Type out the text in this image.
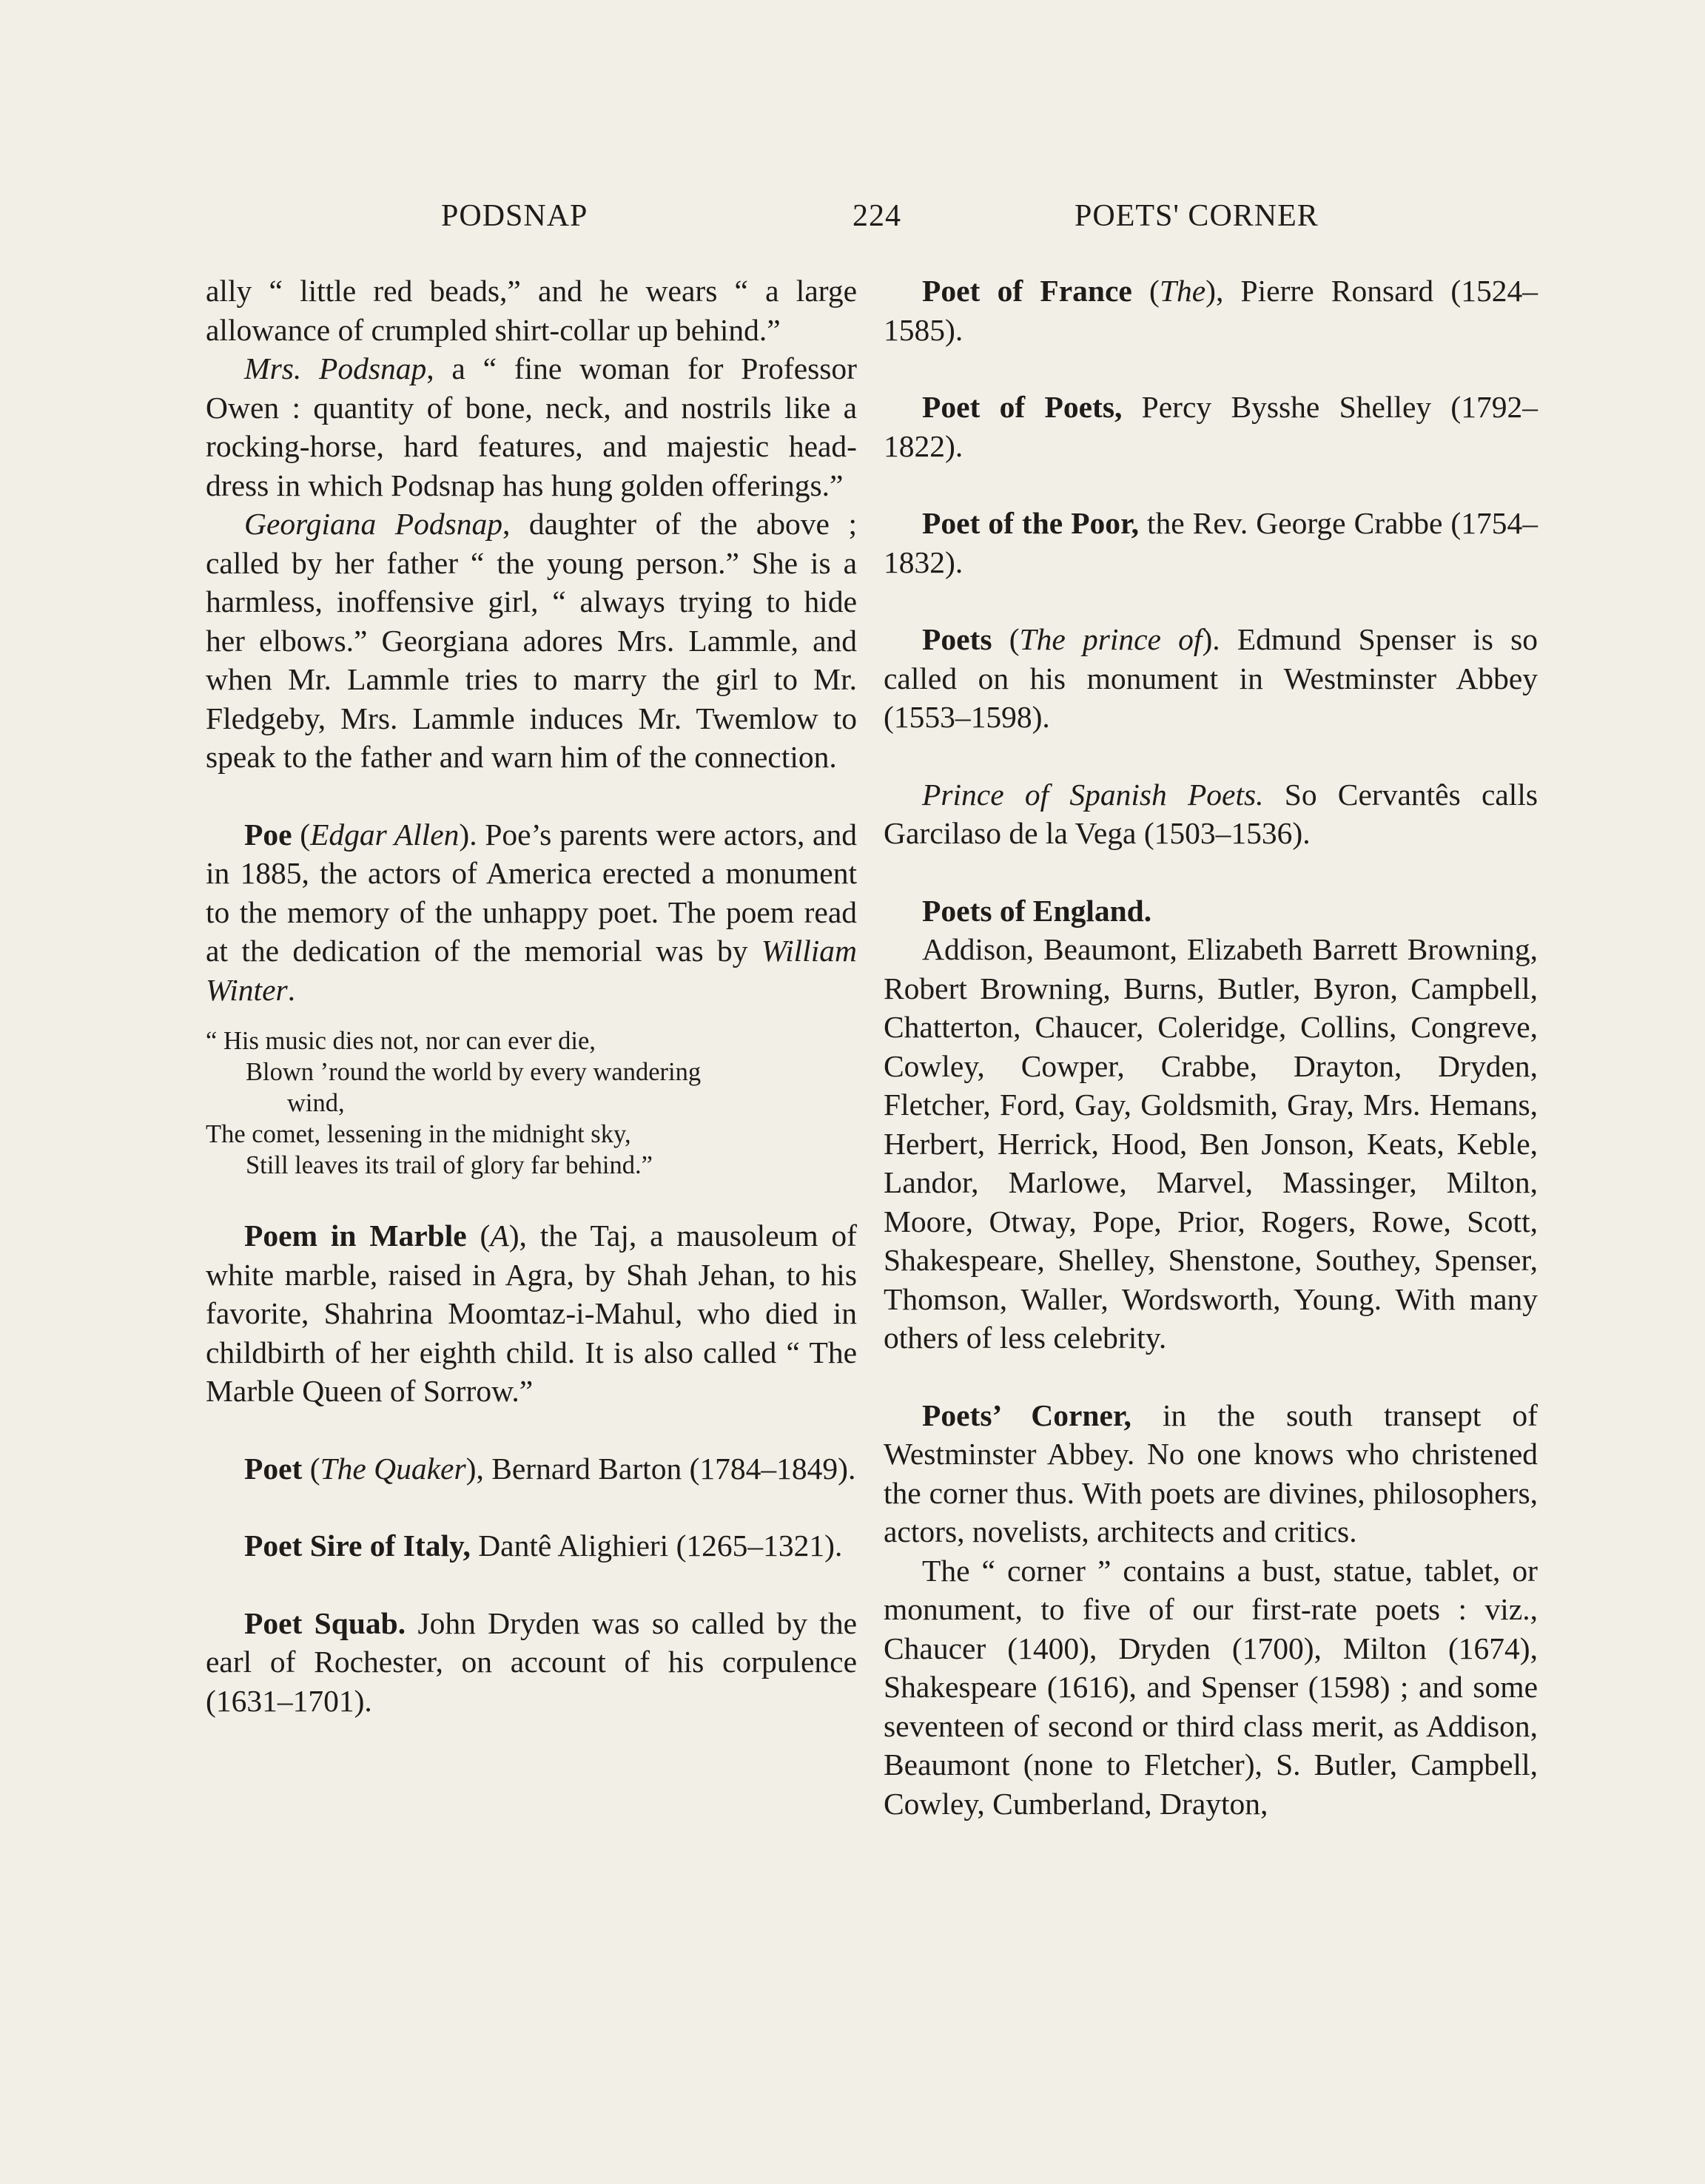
PODSNAP	224	POETS' CORNER

ally “ little red beads,” and he wears “ a large allowance of crumpled shirt-collar up behind.”

Mrs. Podsnap, a “ fine woman for Professor Owen : quantity of bone, neck, and nostrils like a rocking-horse, hard features, and majestic head-dress in which Podsnap has hung golden offerings.”

Georgiana Podsnap, daughter of the above ; called by her father “ the young person.” She is a harmless, inoffensive girl, “ always trying to hide her elbows.” Georgiana adores Mrs. Lammle, and when Mr. Lammle tries to marry the girl to Mr. Fledgeby, Mrs. Lammle induces Mr. Twemlow to speak to the father and warn him of the connection.

Poe (Edgar Allen). Poe’s parents were actors, and in 1885, the actors of America erected a monument to the memory of the unhappy poet. The poem read at the dedication of the memorial was by William Winter.

“ His music dies not, nor can ever die,
Blown ’round the world by every wandering
wind,
The comet, lessening in the midnight sky,
Still leaves its trail of glory far behind.”

Poem in Marble (A), the Taj, a mausoleum of white marble, raised in Agra, by Shah Jehan, to his favorite, Shahrina Moomtaz-i-Mahul, who died in childbirth of her eighth child. It is also called “ The Marble Queen of Sorrow.”

Poet (The Quaker), Bernard Barton (1784–1849).

Poet Sire of Italy, Dantê Alighieri (1265–1321).

Poet Squab. John Dryden was so called by the earl of Rochester, on account of his corpulence (1631–1701).

Poet of France (The), Pierre Ronsard (1524–1585).

Poet of Poets, Percy Bysshe Shelley (1792–1822).

Poet of the Poor, the Rev. George Crabbe (1754–1832).

Poets (The prince of). Edmund Spenser is so called on his monument in Westminster Abbey (1553–1598).

Prince of Spanish Poets. So Cervantês calls Garcilaso de la Vega (1503–1536).

Poets of England.

Addison, Beaumont, Elizabeth Barrett Browning, Robert Browning, Burns, Butler, Byron, Campbell, Chatterton, Chaucer, Coleridge, Collins, Congreve, Cowley, Cowper, Crabbe, Drayton, Dryden, Fletcher, Ford, Gay, Goldsmith, Gray, Mrs. Hemans, Herbert, Herrick, Hood, Ben Jonson, Keats, Keble, Landor, Marlowe, Marvel, Massinger, Milton, Moore, Otway, Pope, Prior, Rogers, Rowe, Scott, Shakespeare, Shelley, Shenstone, Southey, Spenser, Thomson, Waller, Wordsworth, Young. With many others of less celebrity.

Poets’ Corner, in the south transept of Westminster Abbey. No one knows who christened the corner thus. With poets are divines, philosophers, actors, novelists, architects and critics.

The “ corner ” contains a bust, statue, tablet, or monument, to five of our first-rate poets : viz., Chaucer (1400), Dryden (1700), Milton (1674), Shakespeare (1616), and Spenser (1598) ; and some seventeen of second or third class merit, as Addison, Beaumont (none to Fletcher), S. Butler, Campbell, Cowley, Cumberland, Drayton,
